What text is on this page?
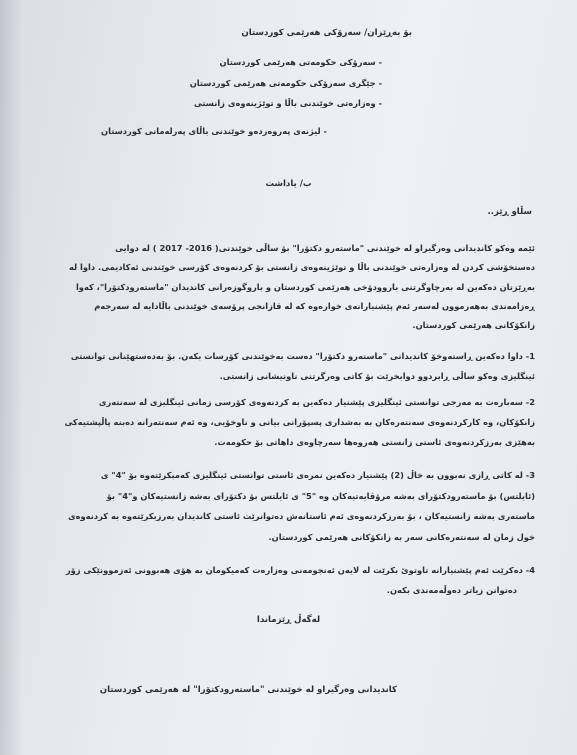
بۆ بەڕێزان/ سەرۆکی هەرێمی کوردستان
- سەرۆکی حکومەتی هەرێمی کوردستان
- جێگری سەرۆکی حکومەتی هەرێمی کوردستان
- وەزارەتی خوێندنی باڵا و توێژینەوەی زانستی
- لیژنەی پەروەردەو خوێندنی باڵای پەرلەمانی کوردستان
ب/ یاداشت
سڵاو ڕێز..
ئێمە وەکو کاندیدانی وەرگیراو لە خوێندنی "ماستەرو دکتۆرا" بۆ ساڵی خوێندنی( 2016- 2017 ) لە دوایی
دەستخۆشی کردن لە وەزارەتی خوێندنی باڵا و توێژینەوەی زانستی بۆ کردنەوەی کۆرسی خوێندنی ئەکادیمی. داوا لە
بەڕێزتان دەکەین لە بەرچاوگرتنی باروودۆخی هەرێمی کوردستان و باروگوزەرانی کاندیدان "ماستەرودکتۆرا"، کەوا
ڕەزامەندی بەهەرموون لەسەر ئەم پێشنیارانەی خوارەوە کە لە قازانجی پرۆسەی خوێندنی باڵادایە لە سەرجەم
زانکۆکانی هەرێمی کوردستان.
1- داوا دەکەین ڕاستەوخۆ کاندیدانی "ماستەرو دکتۆرا" دەست بەخوێندنی کۆرسات بکەن. بۆ بەدەستهێنانی توانستی
ئینگلیزی وەکو ساڵی ڕابردوو دوابخرێت بۆ کاتی وەرگرتنی ناونیشانی زانستی.
2- سەبارەت بە مەرجی توانستی ئینگلیزی پێشنیار دەکەین بە کردنەوەی کۆرسی زمانی ئینگلیزی لە سەنتەری
زانکۆکان، وە کارکردنەوەی سەنتەرەکان بە بەشداری پسپۆرانی بیانی و ناوخۆیی، وە ئەم سەنتەرانە دەبنە پاڵپشتیەکی
بەهێزی بەرزکردنەوەی ئاستی زانستی هەروەها سەرچاوەی داهاتی بۆ حکومەت.
3- لە کاتی ڕازی نەبوون بە خاڵ (2) پێشنیار دەکەین نمرەی ئاستی توانستی ئینگلیزی کەمبکرێتەوە بۆ "4" ی
(ئایلتس) بۆ ماستەرودکتۆرای بەشە مرۆڤایەتیەکان وە "5" ی ئایلتس بۆ دکتۆرای بەشە زانستیەکان و"4" بۆ
ماستەری بەشە زانستیەکان ، بۆ بەرزکردنەوەی ئەم ئاستانەش دەتوانرێت ئاستی کاندیدان بەرزبکرێتەوە بە کردنەوەی
خول زمان لە سەنتەرەکانی سەر بە زانکۆکانی هەرێمی کوردستان.
4- دەکرێت ئەم پێشنیارانە تاوتوێ بکرێت لە لایەن ئەنجومەنی وەزارەت کەمیکومان بە هۆی هەبوونی ئەزموونێکی زۆر
دەتوانن زیاتر دەوڵەمەندی بکەن.
لەگەڵ ڕێزماندا
کاندیدانی وەرگیراو لە خوێندنی "ماستەرودکتۆرا" لە هەرێمی کوردستان
